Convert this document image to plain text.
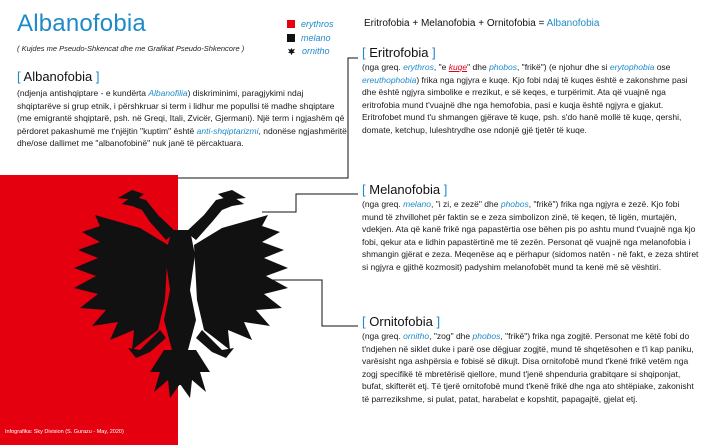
Albanofobia
( Kujdes me Pseudo-Shkencat dhe me Grafikat Pseudo-Shkencore )
erythros
melano
ornitho
Eritrofobia + Melanofobia + Ornitofobia = Albanofobia
[ Albanofobia ]
(ndjenja antishqiptare - e kundërta Albanofilia) diskriminimi, paragjykimi ndaj shqiptarëve si grup etnik, i përshkruar si term i lidhur me popullsi të madhe shqiptare (me emigrantë shqiptarë, psh. në Greqi, Itali, Zvicër, Gjermani). Një term i ngjashëm që përdoret pakashumë me t'njëjtin "kuptim" është anti-shqiptarizmi, ndonëse ngjashmëritë dhe/ose dallimet me "albanofobinë" nuk janë të përcaktuara.
[ Eritrofobia ]
(nga greq. erythros, "e kuqe" dhe phobos, "frikë") (e njohur dhe si erytophobia ose ereuthophobia) frika nga ngjyra e kuqe. Kjo fobi ndaj të kuqes është e zakonshme pasi dhe është ngjyra simbolike e rrezikut, e së keqes, e turpërimit. Ata që vuajnë nga eritrofobia mund t'vuajnë dhe nga hemofobia, pasi e kuqja është ngjyra e gjakut. Eritrofobet mund t'u shmangen gjërave të kuqe, psh. s'do hanë mollë të kuqe, qershi, domate, ketchup, luleshtrydhe ose ndonjë gjë tjetër të kuqe.
[ Melanofobia ]
(nga greq. melano, "i zi, e zezë" dhe phobos, "frikë") frika nga ngjyra e zezë. Kjo fobi mund të zhvillohet për faktin se e zeza simbolizon zinë, të keqen, të ligën, murtajën, vdekjen. Ata që kanë frikë nga papastërtia ose bëhen pis po ashtu mund t'vuajnë nga kjo fobi, qekur ata e lidhin papastërtinë me të zezën. Personat që vuajnë nga melanofobia i shmangin gjërat e zeza. Meqenëse aq e përhapur (sidomos natën - në fakt, e zeza shtiret si ngjyra e gjithë kozmosit) padyshim melanofobët mund ta kenë më së vështiri.
[ Ornitofobia ]
(nga greq. ornitho, "zog" dhe phobos, "frikë") frika nga zogjtë. Personat me këtë fobi do t'ndjehen në siklet duke i parë ose dëgjuar zogjtë, mund të shqetësohen e t'i kap paniku, varësisht nga ashpërsia e fobisë së dikujt. Disa ornitofobë mund t'kenë frikë vetëm nga zogj specifikë të mbretërisë qiellore, mund t'jenë shpenduria grabitqare si shqiponjat, bufat, skifterët etj. Të tjerë ornitofobë mund t'kenë frikë dhe nga ato shtëpiake, zakonisht të parrezikshme, si pulat, patat, harabelat e kopshtit, papagajtë, gjelat etj.
Infografika: Sky Division (S. Gurazu - May, 2020)
